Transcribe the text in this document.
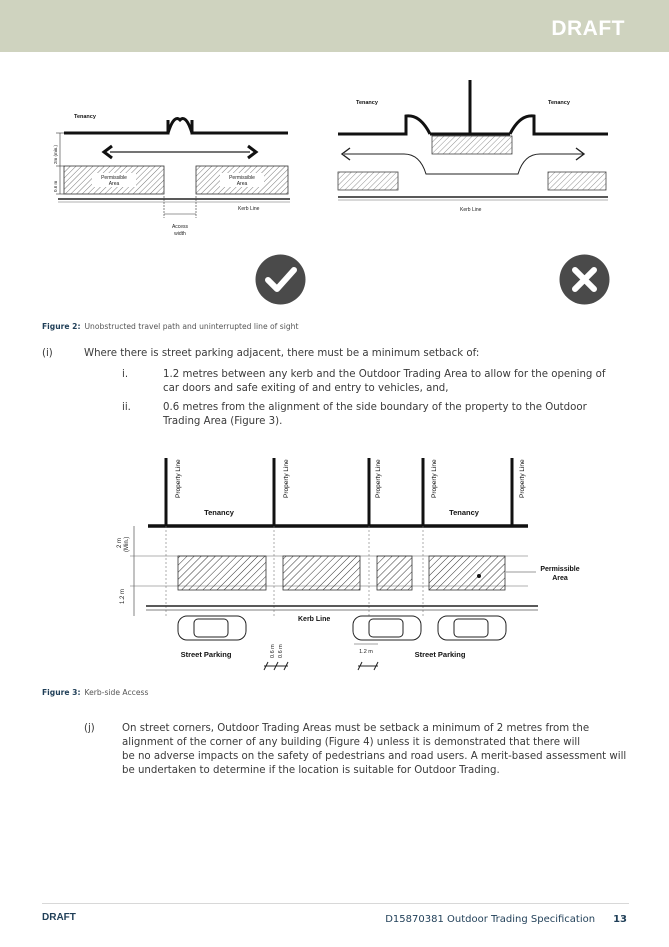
DRAFT
Tenancy
2m (min.)
0.6 m
Permissible
Area
Permissible
Area
Kerb Line
Access
width
Tenancy	Tenancy
Kerb Line
Figure 2: Unobstructed travel path and uninterrupted line of sight
(i)	Where there is street parking adjacent, there must be a minimum setback of:
i.	1.2 metres between any kerb and the Outdoor Trading Area to allow for the opening of
car doors and safe exiting of and entry to vehicles, and,
ii.	0.6 metres from the alignment of the side boundary of the property to the Outdoor
Trading Area (Figure 3).
Property Line	Property Line	Property Line	Property Line	Property Line
Tenancy	Tenancy
2 m (Min.)
1.2 m
Permissible
Area
Kerb Line
Street Parking	Street Parking
0.6 m 0.6 m	1.2 m
Figure 3: Kerb-side Access
(j)	On street corners, Outdoor Trading Areas must be setback a minimum of 2 metres from the
alignment of the corner of any building (Figure 4) unless it is demonstrated that there will
be no adverse impacts on the safety of pedestrians and road users. A merit-based assessment will
be undertaken to determine if the location is suitable for Outdoor Trading.
DRAFT	D15870381 Outdoor Trading Specification 13
